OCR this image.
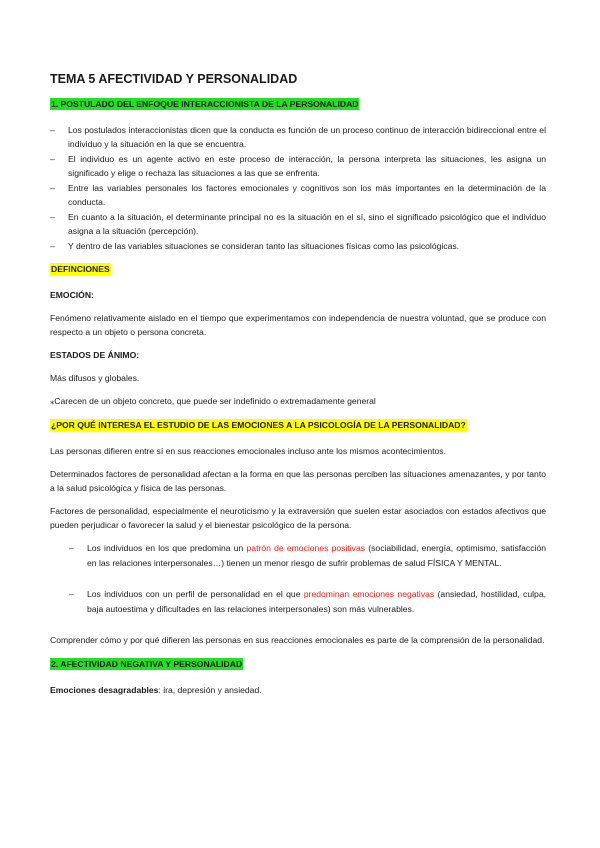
TEMA 5 AFECTIVIDAD Y PERSONALIDAD
1. POSTULADO DEL ENFOQUE INTERACCIONISTA DE LA PERSONALIDAD
– Los postulados interaccionistas dicen que la conducta es función de un proceso continuo de interacción bidireccional entre el individuo y la situación en la que se encuentra.
– El individuo es un agente activo en este proceso de interacción, la persona interpreta las situaciones, les asigna un significado y elige o rechaza las situaciones a las que se enfrenta.
– Entre las variables personales los factores emocionales y cognitivos son los más importantes en la determinación de la conducta.
– En cuanto a la situación, el determinante principal no es la situación en el sí, sino el significado psicológico que el individuo asigna a la situación (percepción).
– Y dentro de las variables situaciones se consideran tanto las situaciones físicas como las psicológicas.
DEFINCIONES

EMOCIÓN:

Fenómeno relativamente aislado en el tiempo que experimentamos con independencia de nuestra voluntad, que se produce con respecto a un objeto o persona concreta.

ESTADOS DE ÁNIMO:

Más difusos y globales.

⁎Carecen de un objeto concreto, que puede ser indefinido o extremadamente general

¿POR QUÉ INTERESA EL ESTUDIO DE LAS EMOCIONES A LA PSICOLOGÍA DE LA PERSONALIDAD?

Las personas difieren entre sí en sus reacciones emocionales incluso ante los mismos acontecimientos.

Determinados factores de personalidad afectan a la forma en que las personas perciben las situaciones amenazantes, y por tanto a la salud psicológica y física de las personas.

Factores de personalidad, especialmente el neuroticismo y la extraversión que suelen estar asociados con estados afectivos que pueden perjudicar o favorecer la salud y el bienestar psicológico de la persona.

– Los individuos en los que predomina un patrón de emociones positivas (sociabilidad, energía, optimismo, satisfacción en las relaciones interpersonales…) tienen un menor riesgo de sufrir problemas de salud FÍSICA Y MENTAL.
– Los individuos con un perfil de personalidad en el que predominan emociones negativas (ansiedad, hostilidad, culpa, baja autoestima y dificultades en las relaciones interpersonales) son más vulnerables.

Comprender cómo y por qué difieren las personas en sus reacciones emocionales es parte de la comprensión de la personalidad.

2. AFECTIVIDAD NEGATIVA Y PERSONALIDAD

Emociones desagradables: ira, depresión y ansiedad.
